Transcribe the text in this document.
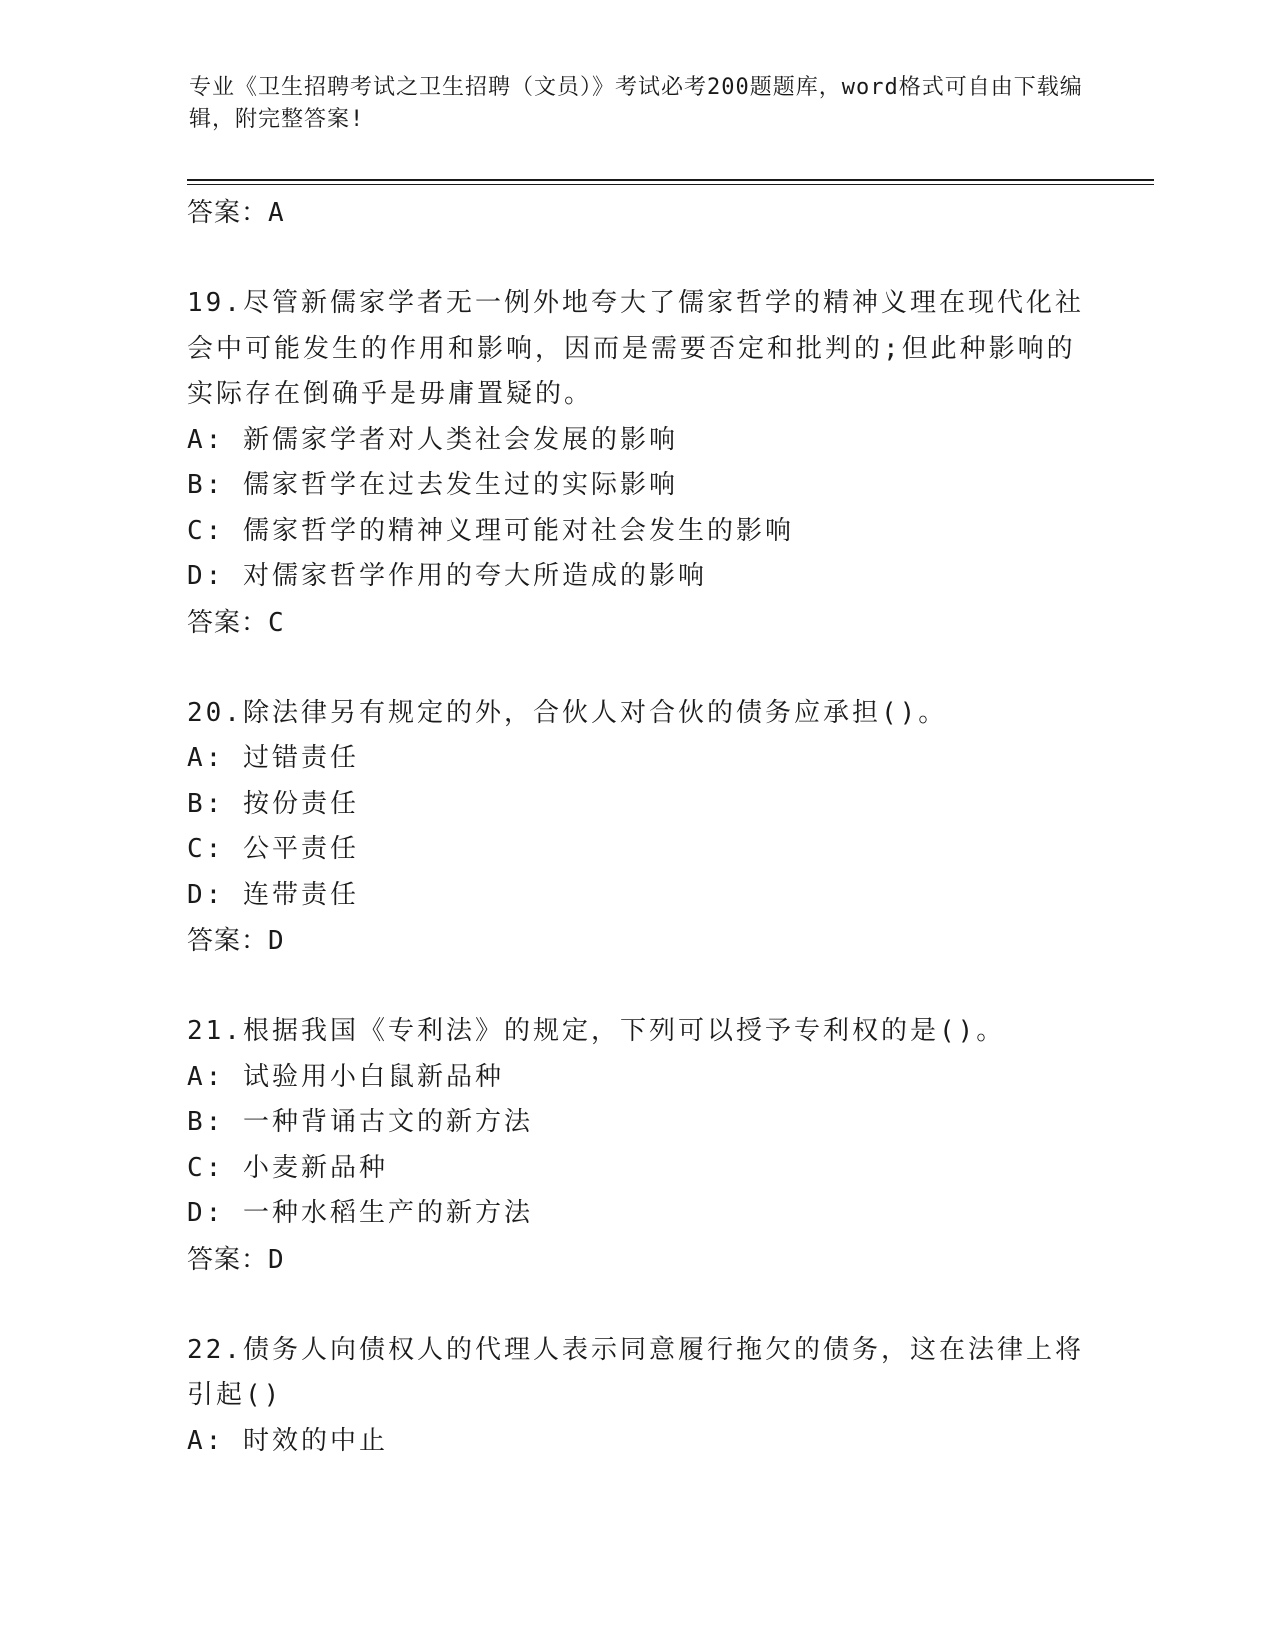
专业《卫生招聘考试之卫生招聘（文员）》考试必考200题题库，word格式可自由下载编辑，附完整答案!
答案：A
19.尽管新儒家学者无一例外地夸大了儒家哲学的精神义理在现代化社会中可能发生的作用和影响，因而是需要否定和批判的;但此种影响的实际存在倒确乎是毋庸置疑的。
A: 新儒家学者对人类社会发展的影响
B: 儒家哲学在过去发生过的实际影响
C: 儒家哲学的精神义理可能对社会发生的影响
D: 对儒家哲学作用的夸大所造成的影响
答案：C
20.除法律另有规定的外，合伙人对合伙的债务应承担()。
A: 过错责任
B: 按份责任
C: 公平责任
D: 连带责任
答案：D
21.根据我国《专利法》的规定，下列可以授予专利权的是()。
A: 试验用小白鼠新品种
B: 一种背诵古文的新方法
C: 小麦新品种
D: 一种水稻生产的新方法
答案：D
22.债务人向债权人的代理人表示同意履行拖欠的债务，这在法律上将引起()
A: 时效的中止
